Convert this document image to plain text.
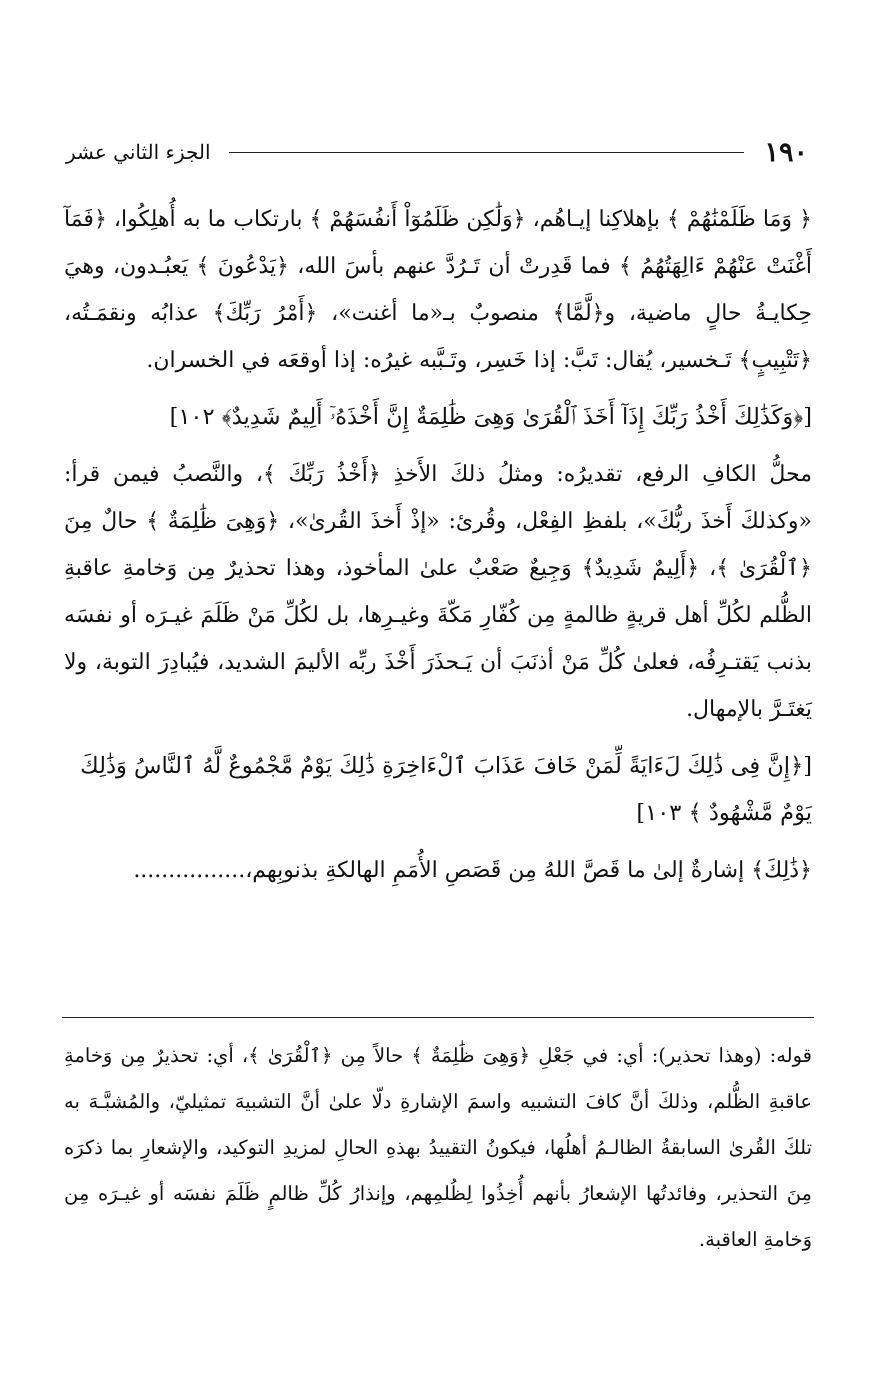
١٩٠
الجزء الثاني عشر

﴿ وَمَا ظَلَمْنَٰهُمْ ﴾ بإهلاكِنا إيـاهُم، ﴿وَلَٰكِن ظَلَمُوٓاْ أَنفُسَهُمْ ﴾ بارتكاب ما به أُهلِكُوا، ﴿فَمَآ أَغْنَتْ عَنْهُمْ ءَالِهَتُهُمُ ﴾ فما قَدِرتْ أن تَـرُدَّ عنهم بأسَ الله، ﴿يَدْعُونَ ﴾ يَعبُـدون، وهيَ حِكايـةُ حالٍ ماضية، و﴿لَّمَّا﴾ منصوبٌ بـ«ما أغنت»، ﴿أَمْرُ رَبِّكَ﴾ عذابُه ونقمَـتُه، ﴿تَتْبِيبٍ﴾ تَـخسير، يُقال: تَبَّ: إذا خَسِر، وتَـبَّبه غيرُه: إذا أوقعَه في الخسران.

[﴿وَكَذَٰلِكَ أَخْذُ رَبِّكَ إِذَآ أَخَذَ ٱلْقُرَىٰ وَهِىَ ظَٰلِمَةٌ إِنَّ أَخْذَهُۥٓ أَلِيمٌ شَدِيدٌ﴾ ١٠٢]

محلُّ الكافِ الرفع، تقديرُه: ومثلُ ذلكَ الأَخذِ ﴿أَخْذُ رَبِّكَ ﴾، والنَّصبُ فيمن قرأ: «وكذلكَ أَخذَ ربُّكَ»، بلفظِ الفِعْل، وقُرئ: «إذْ أَخذَ القُرىٰ»، ﴿وَهِىَ ظَٰلِمَةٌ ﴾ حالٌ مِنَ ﴿ٱلْقُرَىٰ ﴾، ﴿أَلِيمٌ شَدِيدٌ﴾ وَجِيعٌ صَعْبٌ علىٰ المأخوذ، وهذا تحذيرٌ مِن وَخامةِ عاقبةِ الظُّلم لكُلِّ أهل قريةٍ ظالمةٍ مِن كُفّارِ مَكّةَ وغيـرِها، بل لكُلِّ مَنْ ظَلَمَ غيـرَه أو نفسَه بذنب يَقتـرِفُه، فعلىٰ كُلِّ مَنْ أذنَبَ أن يَـحذَرَ أَخْذَ ربِّه الأليمَ الشديد، فيُبادِرَ التوبة، ولا يَغتَـرَّ بالإمهال.

[﴿إِنَّ فِى ذَٰلِكَ لَءَايَةً لِّمَنْ خَافَ عَذَابَ ٱلْءَاخِرَةِ ذَٰلِكَ يَوْمٌ مَّجْمُوعٌ لَّهُ ٱلنَّاسُ وَذَٰلِكَ يَوْمٌ مَّشْهُودٌ ﴾ ١٠٣]

﴿ذَٰلِكَ﴾ إشارةٌ إلىٰ ما قَصَّ اللهُ مِن قَصَصِ الأُمَمِ الهالكةِ بذنوبِهم،................

قوله: (وهذا تحذير): أي: في جَعْلِ ﴿وَهِىَ ظَٰلِمَةٌ ﴾ حالاً مِن ﴿ٱلْقُرَىٰ ﴾، أي: تحذيرٌ مِن وَخامةِ عاقبةِ الظُّلم، وذلكَ أنَّ كافَ التشبيه واسمَ الإشارةِ دلّا علىٰ أنَّ التشبيهَ تمثيليّ، والمُشبَّـهَ به تلكَ القُرىٰ السابقةُ الظالـمُ أهلُها، فيكونُ التقييدُ بهذهِ الحالِ لمزيدِ التوكيد، والإشعارِ بما ذكرَه مِنَ التحذير، وفائدتُها الإشعارُ بأنهم أُخِذُوا لِظُلمِهم، وإنذارُ كُلِّ ظالمٍ ظَلَمَ نفسَه أو غيـرَه مِن وَخامةِ العاقبة.
